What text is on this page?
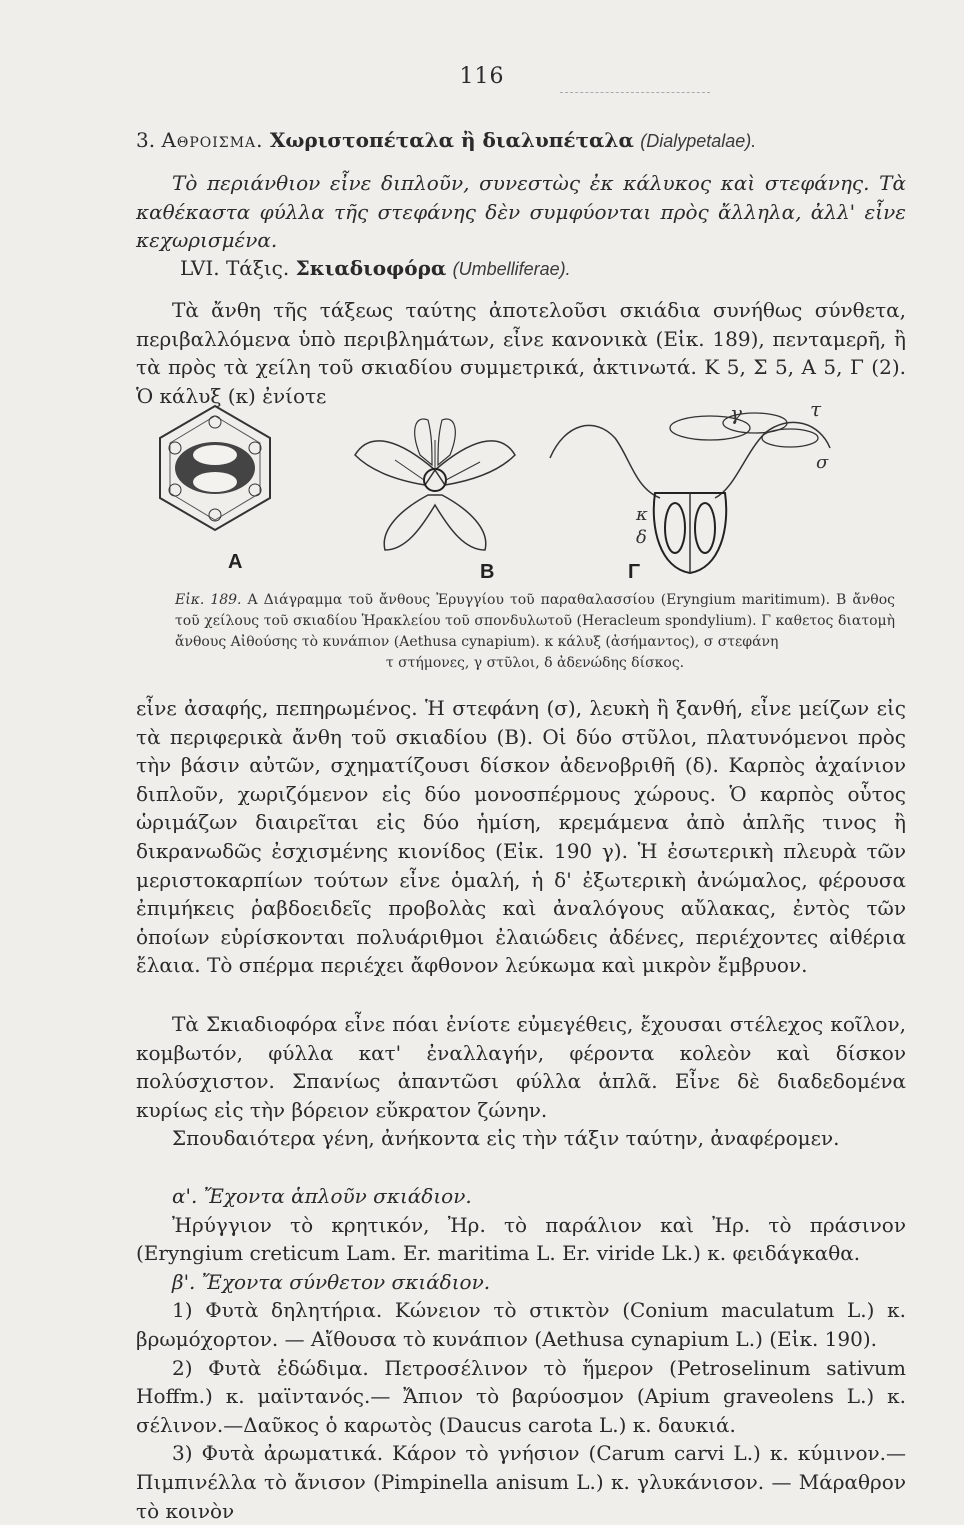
116
3. Αθροισμα. Χωριστοπέταλα ἢ διαλυπέταλα (Dialypetalae).
Τὸ περιάνθιον εἶνε διπλοῦν, συνεστὼς ἐκ κάλυκος καὶ στεφάνης. Τὰ καθέκαστα φύλλα τῆς στεφάνης δὲν συμφύονται πρὸς ἄλληλα, ἀλλ' εἶνε κεχωρισμένα.
LVI. Τάξις. Σκιαδιοφόρα (Umbelliferae).
Τὰ ἄνθη τῆς τάξεως ταύτης ἀποτελοῦσι σκιάδια συνήθως σύνθετα, περιβαλλόμενα ὑπὸ περιβλημάτων, εἶνε κανονικὰ (Εἰκ. 189), πενταμερῆ, ἢ τὰ πρὸς τὰ χείλη τοῦ σκιαδίου συμμετρικά, ἀκτινωτά. Κ 5, Σ 5, Α 5, Γ (2). Ὁ κάλυξ (κ) ἐνίοτε
A	B
γ	τ
σ
κ
δ
Γ
Εἰκ. 189. Α Διάγραμμα τοῦ ἄνθους Ἐρυγγίου τοῦ παραθαλασσίου (Eryngium maritimum). Β ἄνθος τοῦ χείλους τοῦ σκιαδίου Ἡρακλείου τοῦ σπονδυλωτοῦ (Heracleum spondylium). Γ καθετος διατομὴ ἄνθους Αἰθούσης τὸ κυνάπιον (Aethusa cynapium). κ κάλυξ (ἀσήμαντος), σ στεφάνη
τ στήμονες, γ στῦλοι, δ ἀδενώδης δίσκος.
εἶνε ἀσαφής, πεπηρωμένος. Ἡ στεφάνη (σ), λευκὴ ἢ ξανθή, εἶνε μείζων εἰς τὰ περιφερικὰ ἄνθη τοῦ σκιαδίου (Β). Οἱ δύο στῦλοι, πλατυνόμενοι πρὸς τὴν βάσιν αὐτῶν, σχηματίζουσι δίσκον ἀδενοβριθῆ (δ). Καρπὸς ἀχαίνιον διπλοῦν, χωριζόμενον εἰς δύο μονοσπέρμους χώρους. Ὁ καρπὸς οὗτος ὡριμάζων διαιρεῖται εἰς δύο ἡμίση, κρεμάμενα ἀπὸ ἁπλῆς τινος ἢ δικρανωδῶς ἐσχισμένης κιονίδος (Εἰκ. 190 γ). Ἡ ἐσωτερικὴ πλευρὰ τῶν μεριστοκαρπίων τούτων εἶνε ὁμαλή, ἡ δ' ἐξωτερικὴ ἀνώμαλος, φέρουσα ἐπιμήκεις ῥαβδοειδεῖς προβολὰς καὶ ἀναλόγους αὔλακας, ἐντὸς τῶν ὁποίων εὑρίσκονται πολυάριθμοι ἐλαιώδεις ἀδένες, περιέχοντες αἰθέρια ἔλαια. Τὸ σπέρμα περιέχει ἄφθονον λεύκωμα καὶ μικρὸν ἔμβρυον.
Τὰ Σκιαδιοφόρα εἶνε πόαι ἐνίοτε εὐμεγέθεις, ἔχουσαι στέλεχος κοῖλον, κομβωτόν, φύλλα κατ' ἐναλλαγήν, φέροντα κολεὸν καὶ δίσκον πολύσχιστον. Σπανίως ἀπαντῶσι φύλλα ἁπλᾶ. Εἶνε δὲ διαδεδομένα κυρίως εἰς τὴν βόρειον εὔκρατον ζώνην.
Σπουδαιότερα γένη, ἀνήκοντα εἰς τὴν τάξιν ταύτην, ἀναφέρομεν.

α'. Ἔχοντα ἁπλοῦν σκιάδιον.

Ἠρύγγιον τὸ κρητικόν, Ἠρ. τὸ παράλιον καὶ Ἠρ. τὸ πράσινον (Eryngium creticum Lam. Er. maritima L. Er. viride Lk.) κ. φειδάγκαθα.

β'. Ἔχοντα σύνθετον σκιάδιον.

1) Φυτὰ δηλητήρια. Κώνειον τὸ στικτὸν (Conium maculatum L.) κ. βρωμόχορτον. — Αἴθουσα τὸ κυνάπιον (Aethusa cynapium L.) (Εἰκ. 190).

2) Φυτὰ ἐδώδιμα. Πετροσέλινον τὸ ἥμερον (Petroselinum sativum Hoffm.) κ. μαϊντανός.— Ἄπιον τὸ βαρύοσμον (Apium graveolens L.) κ. σέλινον.—Δαῦκος ὁ καρωτὸς (Daucus carota L.) κ. δαυκιά.

3) Φυτὰ ἀρωματικά. Κάρον τὸ γνήσιον (Carum carvi L.) κ. κύμινον.— Πιμπινέλλα τὸ ἄνισον (Pimpinella anisum L.) κ. γλυκάνισον. — Μάραθρον τὸ κοινὸν
